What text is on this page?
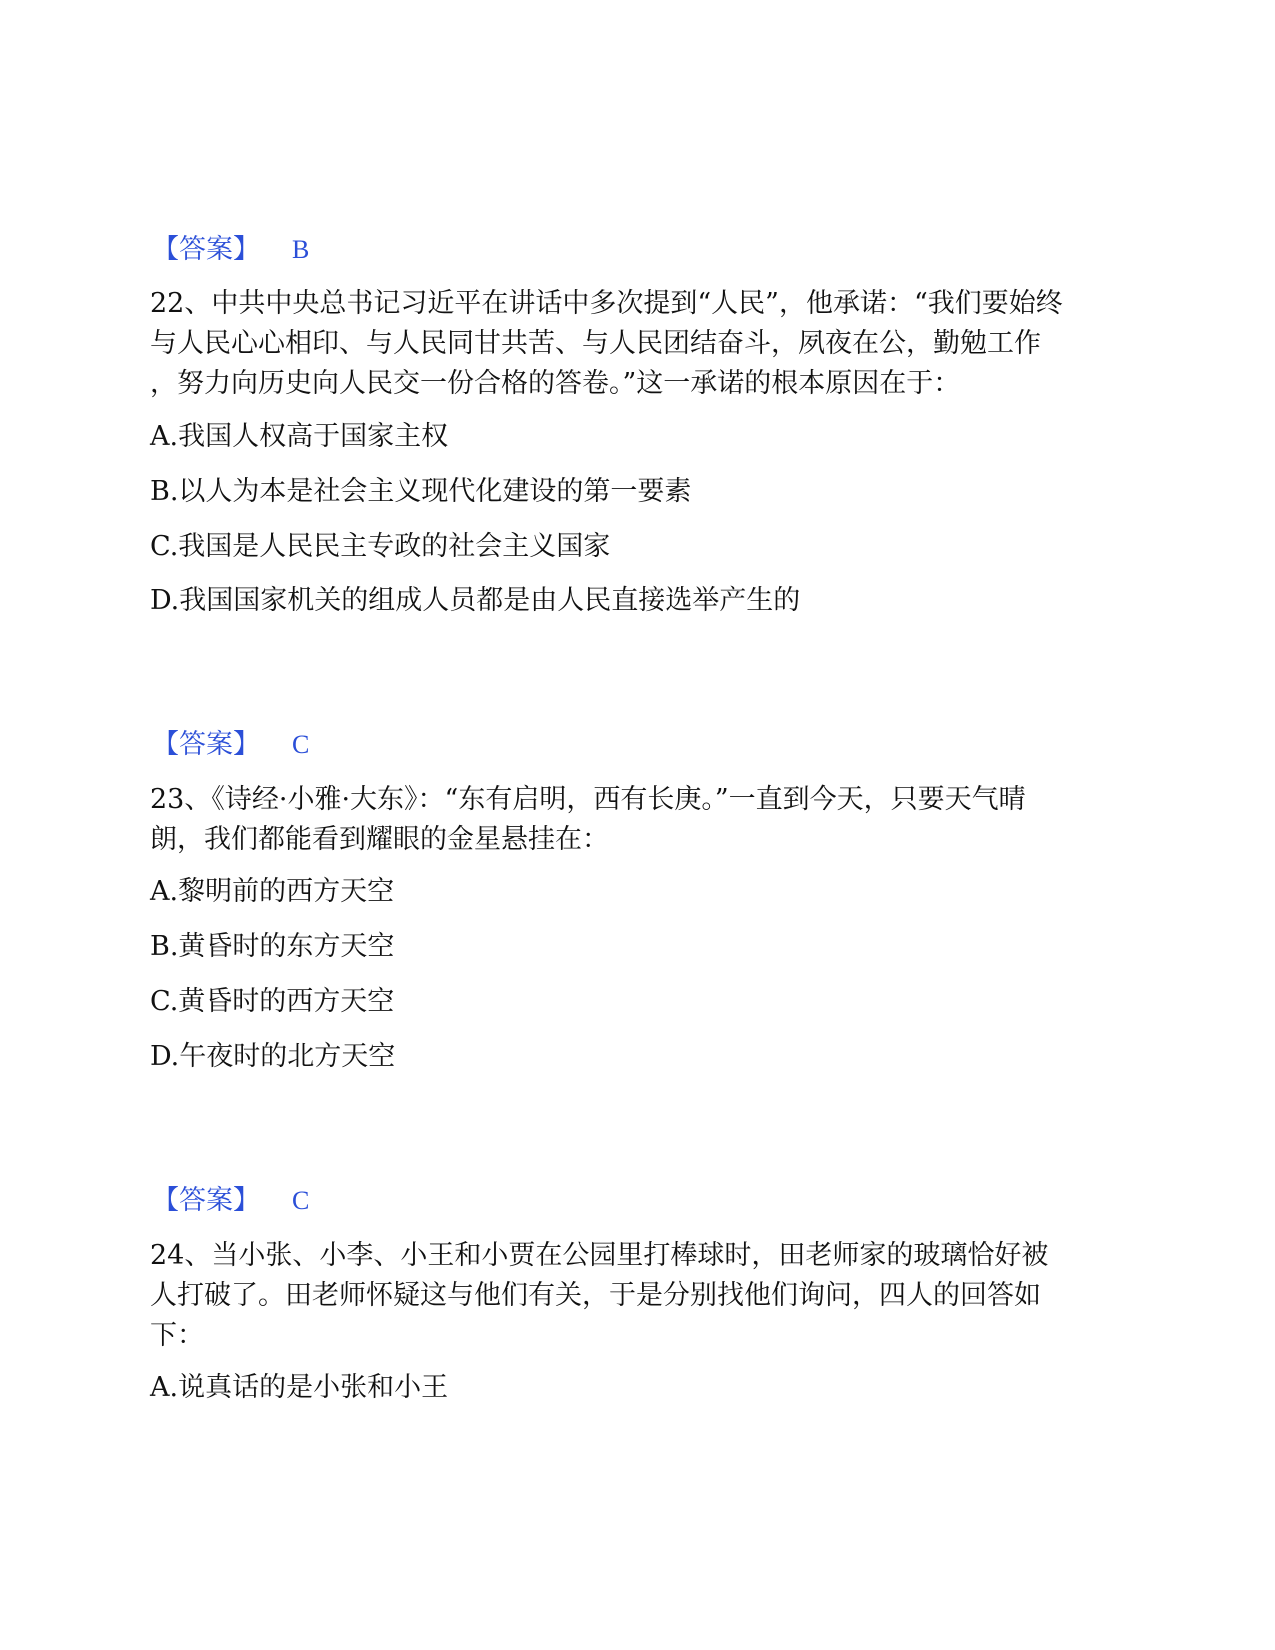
【答案】 B
22、中共中央总书记习近平在讲话中多次提到“人民”，他承诺：“我们要始终
与人民心心相印、与人民同甘共苦、与人民团结奋斗，夙夜在公，勤勉工作
，努力向历史向人民交一份合格的答卷。”这一承诺的根本原因在于：
A.我国人权高于国家主权
B.以人为本是社会主义现代化建设的第一要素
C.我国是人民民主专政的社会主义国家
D.我国国家机关的组成人员都是由人民直接选举产生的
【答案】 C
23、《诗经·小雅·大东》：“东有启明，西有长庚。”一直到今天，只要天气晴
朗，我们都能看到耀眼的金星悬挂在：
A.黎明前的西方天空
B.黄昏时的东方天空
C.黄昏时的西方天空
D.午夜时的北方天空
【答案】 C
24、当小张、小李、小王和小贾在公园里打棒球时，田老师家的玻璃恰好被
人打破了。田老师怀疑这与他们有关，于是分别找他们询问，四人的回答如
下：
A.说真话的是小张和小王
